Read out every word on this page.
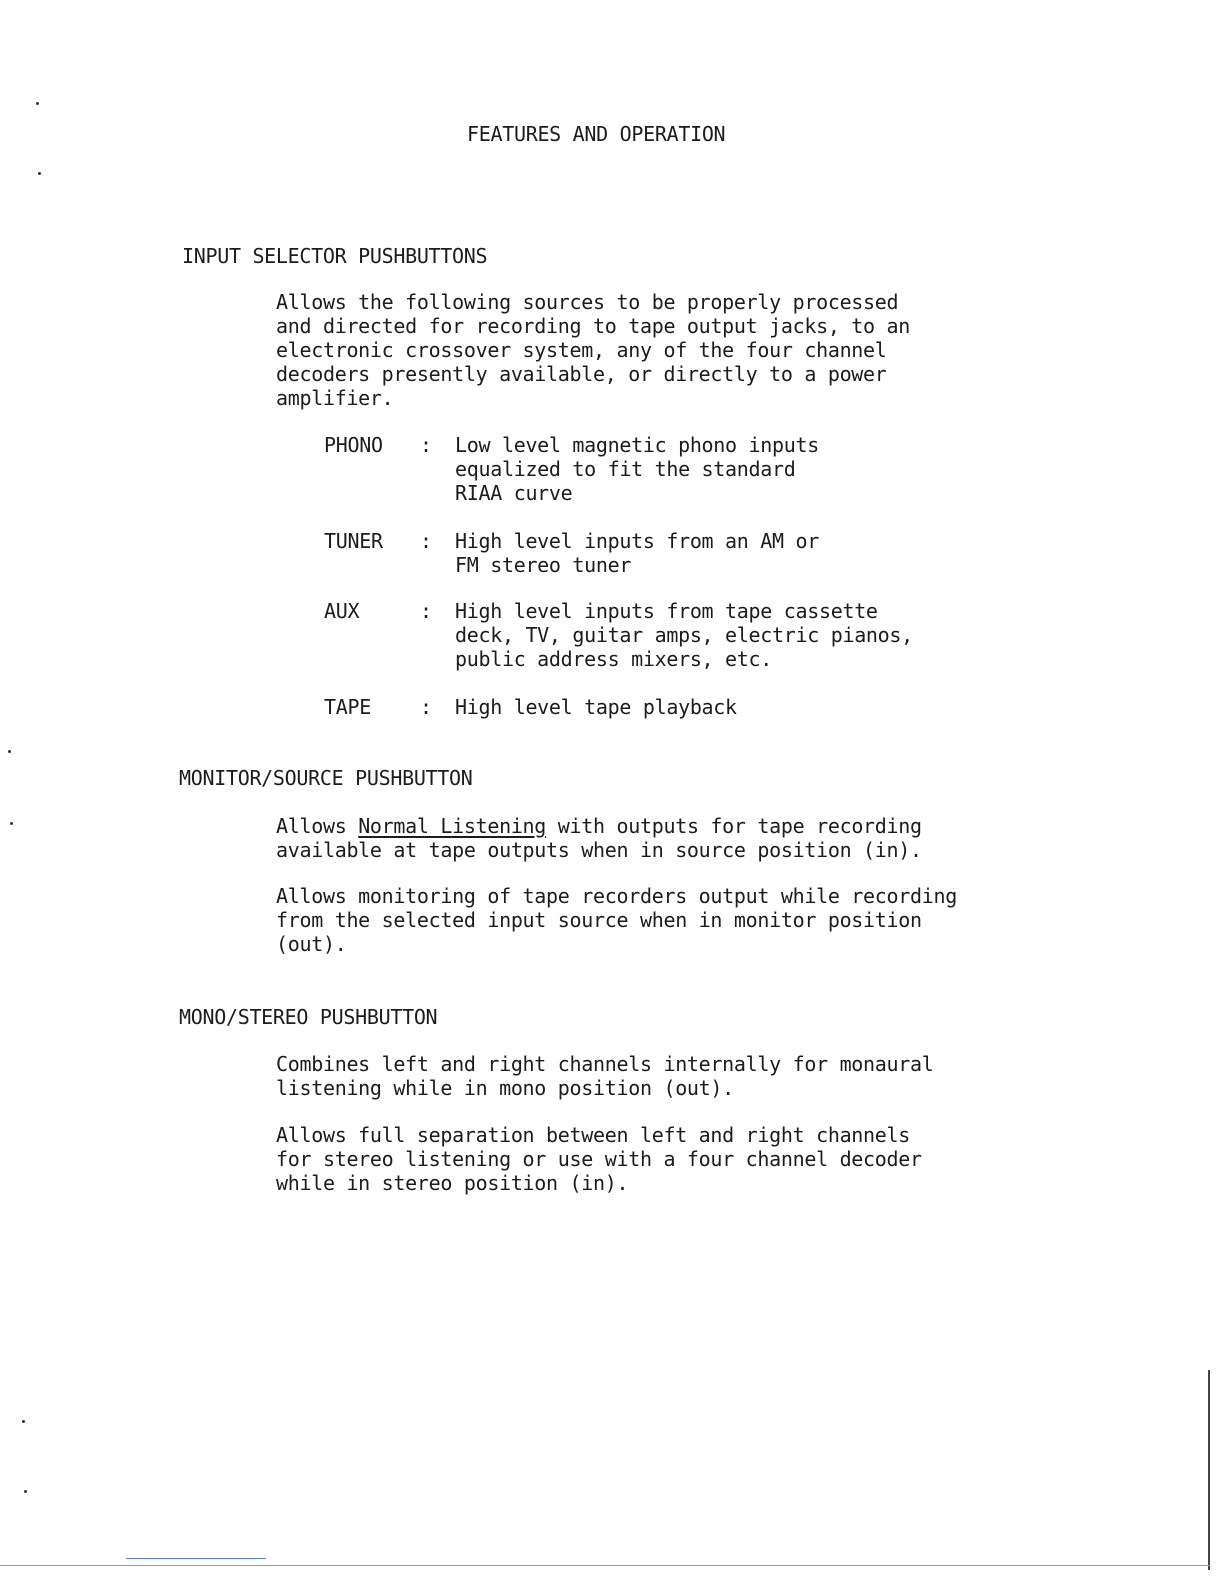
FEATURES AND OPERATION
INPUT SELECTOR PUSHBUTTONS
Allows the following sources to be properly processed
and directed for recording to tape output jacks, to an
electronic crossover system, any of the four channel
decoders presently available, or directly to a power
amplifier.
PHONO : Low level magnetic phono inputs
equalized to fit the standard
RIAA curve
TUNER : High level inputs from an AM or
FM stereo tuner
AUX	: High level inputs from tape cassette
deck, TV, guitar amps, electric pianos,
public address mixers, etc.
TAPE : High level tape playback
MONITOR/SOURCE PUSHBUTTON
Allows Normal Listening with outputs for tape recording
available at tape outputs when in source position (in).
Allows monitoring of tape recorders output while recording
from the selected input source when in monitor position
(out).
MONO/STEREO PUSHBUTTON
Combines left and right channels internally for monaural
listening while in mono position (out).
Allows full separation between left and right channels
for stereo listening or use with a four channel decoder
while in stereo position (in).
